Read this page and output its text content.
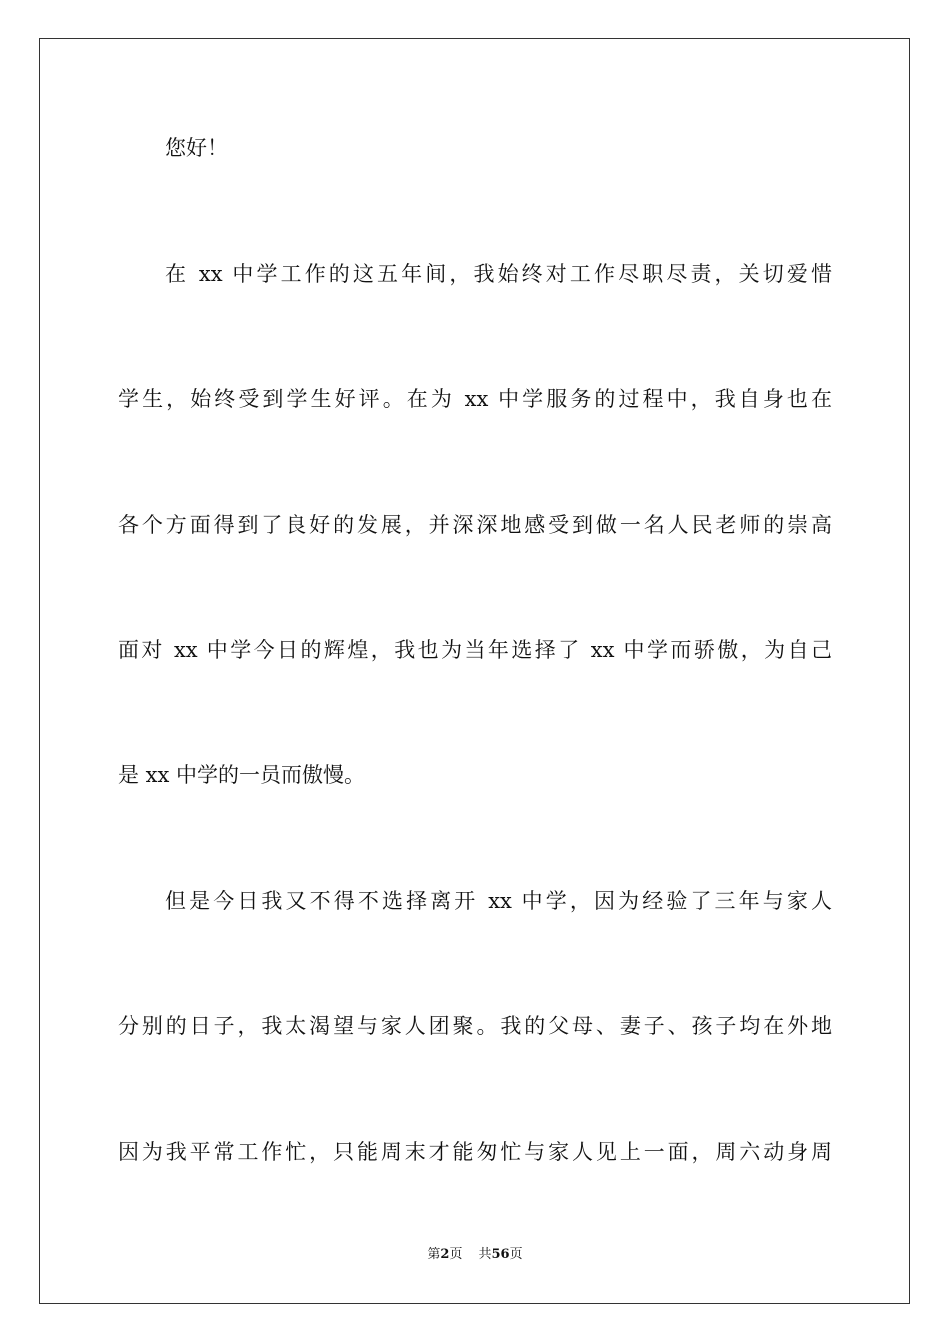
您好！
在 xx 中学工作的这五年间，我始终对工作尽职尽责，关切爱惜
学生，始终受到学生好评。在为 xx 中学服务的过程中，我自身也在
各个方面得到了良好的发展，并深深地感受到做一名人民老师的崇高
面对 xx 中学今日的辉煌，我也为当年选择了 xx 中学而骄傲，为自己
是 xx 中学的一员而傲慢。
但是今日我又不得不选择离开 xx 中学，因为经验了三年与家人
分别的日子，我太渴望与家人团聚。我的父母、妻子、孩子均在外地
因为我平常工作忙，只能周末才能匆忙与家人见上一面，周六动身周
第2页 共56页
